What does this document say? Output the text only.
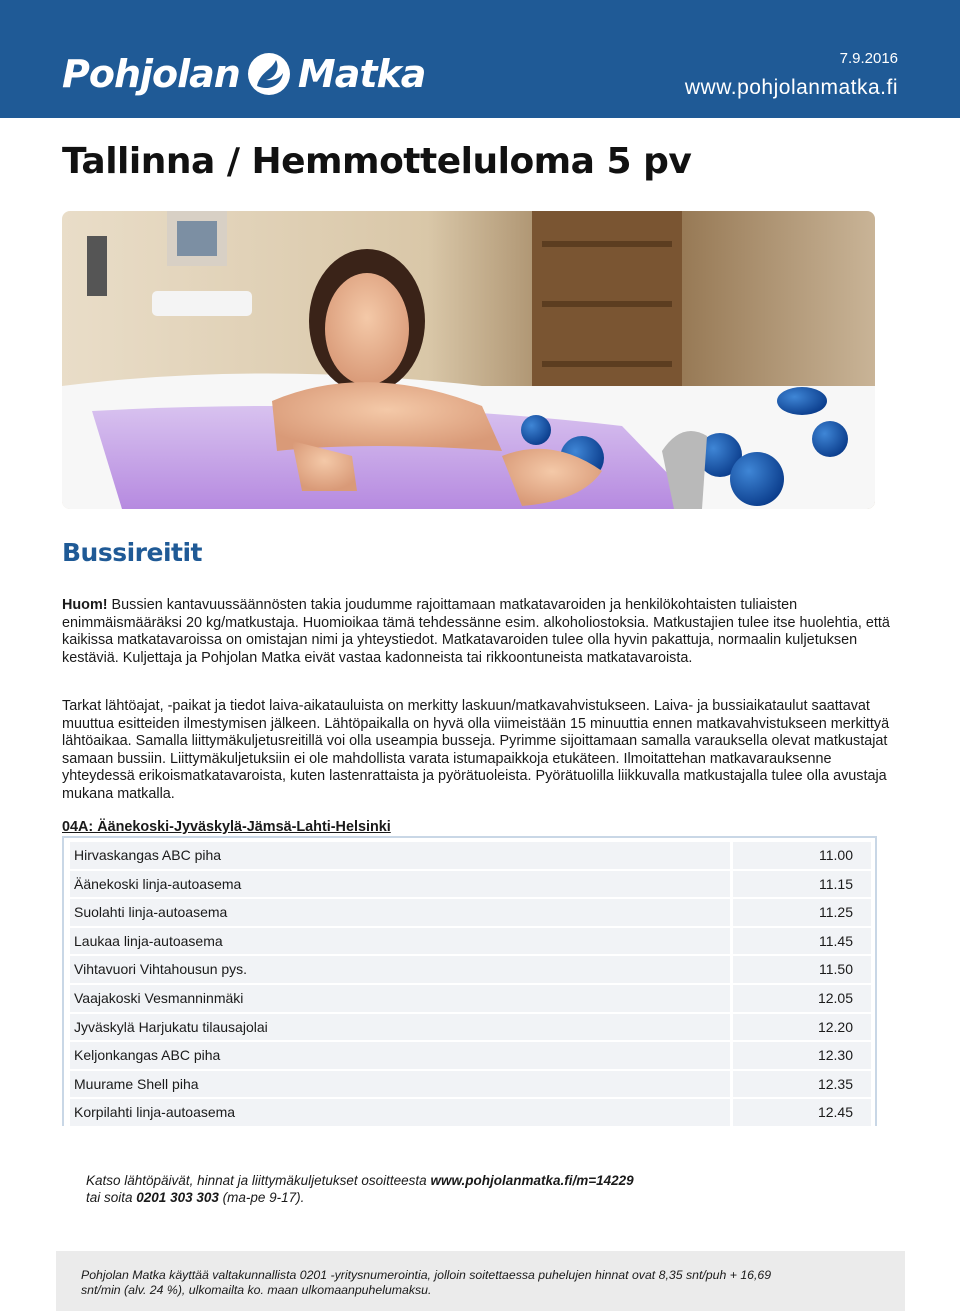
Pohjolan Matka	7.9.2016
www.pohjolanmatka.fi
Tallinna / Hemmotteluloma 5 pv
Bussireitit

Huom! Bussien kantavuussäännösten takia joudumme rajoittamaan matkatavaroiden ja henkilökohtaisten tuliaisten enimmäismääräksi 20 kg/matkustaja. Huomioikaa tämä tehdessänne esim. alkoholiostoksia. Matkustajien tulee itse huolehtia, että kaikissa matkatavaroissa on omistajan nimi ja yhteystiedot. Matkatavaroiden tulee olla hyvin pakattuja, normaalin kuljetuksen kestäviä. Kuljettaja ja Pohjolan Matka eivät vastaa kadonneista tai rikkoontuneista matkatavaroista.

Tarkat lähtöajat, -paikat ja tiedot laiva-aikatauluista on merkitty laskuun/matkavahvistukseen. Laiva- ja bussiaikataulut saattavat muuttua esitteiden ilmestymisen jälkeen. Lähtöpaikalla on hyvä olla viimeistään 15 minuuttia ennen matkavahvistukseen merkittyä lähtöaikaa. Samalla liittymäkuljetusreitillä voi olla useampia busseja. Pyrimme sijoittamaan samalla varauksella olevat matkustajat samaan bussiin. Liittymäkuljetuksiin ei ole mahdollista varata istumapaikkoja etukäteen. Ilmoitattehan matkavarauksenne yhteydessä erikoismatkatavaroista, kuten lastenrattaista ja pyörätuoleista. Pyörätuolilla liikkuvalla matkustajalla tulee olla avustaja mukana matkalla.

04A: Äänekoski-Jyväskylä-Jämsä-Lahti-Helsinki
Hirvaskangas ABC piha	11.00
Äänekoski linja-autoasema	11.15
Suolahti linja-autoasema	11.25
Laukaa linja-autoasema	11.45
Vihtavuori Vihtahousun pys.	11.50
Vaajakoski Vesmanninmäki	12.05
Jyväskylä Harjukatu tilausajolai	12.20
Keljonkangas ABC piha	12.30
Muurame Shell piha	12.35
Korpilahti linja-autoasema	12.45
Katso lähtöpäivät, hinnat ja liittymäkuljetukset osoitteesta www.pohjolanmatka.fi/m=14229
tai soita 0201 303 303 (ma-pe 9-17).
Pohjolan Matka käyttää valtakunnallista 0201 -yritysnumerointia, jolloin soitettaessa puhelujen hinnat ovat 8,35 snt/puh + 16,69 snt/min (alv. 24 %), ulkomailta ko. maan ulkomaanpuhelumaksu.
